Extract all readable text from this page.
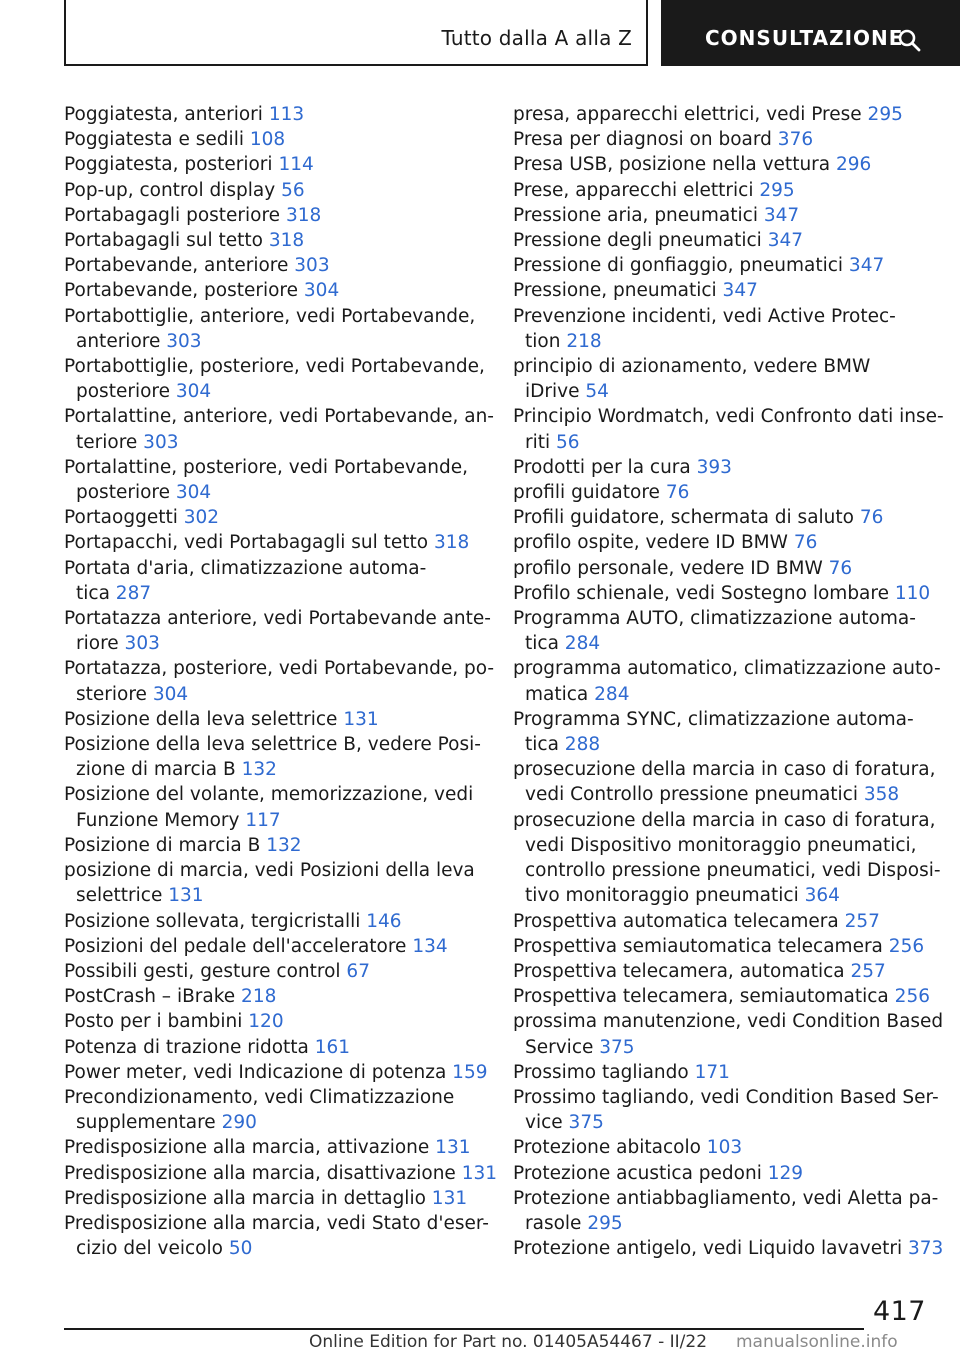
Tutto dalla A alla Z	CONSULTAZIONE
Poggiatesta, anteriori 113
Poggiatesta e sedili 108
Poggiatesta, posteriori 114
Pop-up, control display 56
Portabagagli posteriore 318
Portabagagli sul tetto 318
Portabevande, anteriore 303
Portabevande, posteriore 304
Portabottiglie, anteriore, vedi Portabevande,
anteriore 303
Portabottiglie, posteriore, vedi Portabevande,
posteriore 304
Portalattine, anteriore, vedi Portabevande, an-
teriore 303
Portalattine, posteriore, vedi Portabevande,
posteriore 304
Portaoggetti 302
Portapacchi, vedi Portabagagli sul tetto 318
Portata d'aria, climatizzazione automa-
tica 287
Portatazza anteriore, vedi Portabevande ante-
riore 303
Portatazza, posteriore, vedi Portabevande, po-
steriore 304
Posizione della leva selettrice 131
Posizione della leva selettrice B, vedere Posi-
zione di marcia B 132
Posizione del volante, memorizzazione, vedi
Funzione Memory 117
Posizione di marcia B 132
posizione di marcia, vedi Posizioni della leva
selettrice 131
Posizione sollevata, tergicristalli 146
Posizioni del pedale dell'acceleratore 134
Possibili gesti, gesture control 67
PostCrash – iBrake 218
Posto per i bambini 120
Potenza di trazione ridotta 161
Power meter, vedi Indicazione di potenza 159
Precondizionamento, vedi Climatizzazione
supplementare 290
Predisposizione alla marcia, attivazione 131
Predisposizione alla marcia, disattivazione 131
Predisposizione alla marcia in dettaglio 131
Predisposizione alla marcia, vedi Stato d'eser-
cizio del veicolo 50
presa, apparecchi elettrici, vedi Prese 295
Presa per diagnosi on board 376
Presa USB, posizione nella vettura 296
Prese, apparecchi elettrici 295
Pressione aria, pneumatici 347
Pressione degli pneumatici 347
Pressione di gonfiaggio, pneumatici 347
Pressione, pneumatici 347
Prevenzione incidenti, vedi Active Protec-
tion 218
principio di azionamento, vedere BMW
iDrive 54
Principio Wordmatch, vedi Confronto dati inse-
riti 56
Prodotti per la cura 393
profili guidatore 76
Profili guidatore, schermata di saluto 76
profilo ospite, vedere ID BMW 76
profilo personale, vedere ID BMW 76
Profilo schienale, vedi Sostegno lombare 110
Programma AUTO, climatizzazione automa-
tica 284
programma automatico, climatizzazione auto-
matica 284
Programma SYNC, climatizzazione automa-
tica 288
prosecuzione della marcia in caso di foratura,
vedi Controllo pressione pneumatici 358
prosecuzione della marcia in caso di foratura,
vedi Dispositivo monitoraggio pneumatici,
controllo pressione pneumatici, vedi Disposi-
tivo monitoraggio pneumatici 364
Prospettiva automatica telecamera 257
Prospettiva semiautomatica telecamera 256
Prospettiva telecamera, automatica 257
Prospettiva telecamera, semiautomatica 256
prossima manutenzione, vedi Condition Based
Service 375
Prossimo tagliando 171
Prossimo tagliando, vedi Condition Based Ser-
vice 375
Protezione abitacolo 103
Protezione acustica pedoni 129
Protezione antiabbagliamento, vedi Aletta pa-
rasole 295
Protezione antigelo, vedi Liquido lavavetri 373
417
Online Edition for Part no. 01405A54467 - II/22 manualsonline.info
